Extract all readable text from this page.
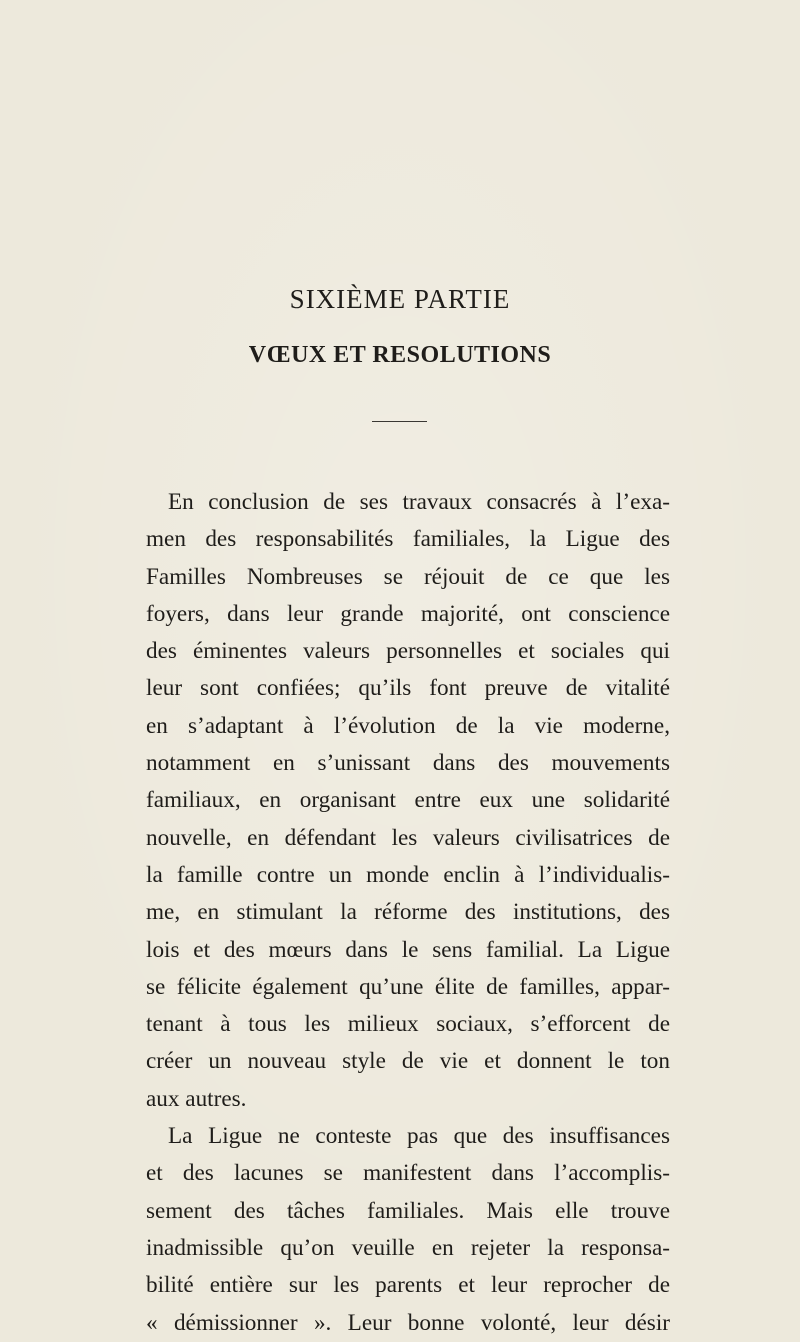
SIXIÈME PARTIE
VŒUX ET RESOLUTIONS
En conclusion de ses travaux consacrés à l’exa-
men des responsabilités familiales, la Ligue des
Familles Nombreuses se réjouit de ce que les
foyers, dans leur grande majorité, ont conscience
des éminentes valeurs personnelles et sociales qui
leur sont confiées; qu’ils font preuve de vitalité
en s’adaptant à l’évolution de la vie moderne,
notamment en s’unissant dans des mouvements
familiaux, en organisant entre eux une solidarité
nouvelle, en défendant les valeurs civilisatrices de
la famille contre un monde enclin à l’individualis-
me, en stimulant la réforme des institutions, des
lois et des mœurs dans le sens familial. La Ligue
se félicite également qu’une élite de familles, appar-
tenant à tous les milieux sociaux, s’efforcent de
créer un nouveau style de vie et donnent le ton
aux autres.
La Ligue ne conteste pas que des insuffisances
et des lacunes se manifestent dans l’accomplis-
sement des tâches familiales. Mais elle trouve
inadmissible qu’on veuille en rejeter la responsa-
bilité entière sur les parents et leur reprocher de
« démissionner ». Leur bonne volonté, leur désir
